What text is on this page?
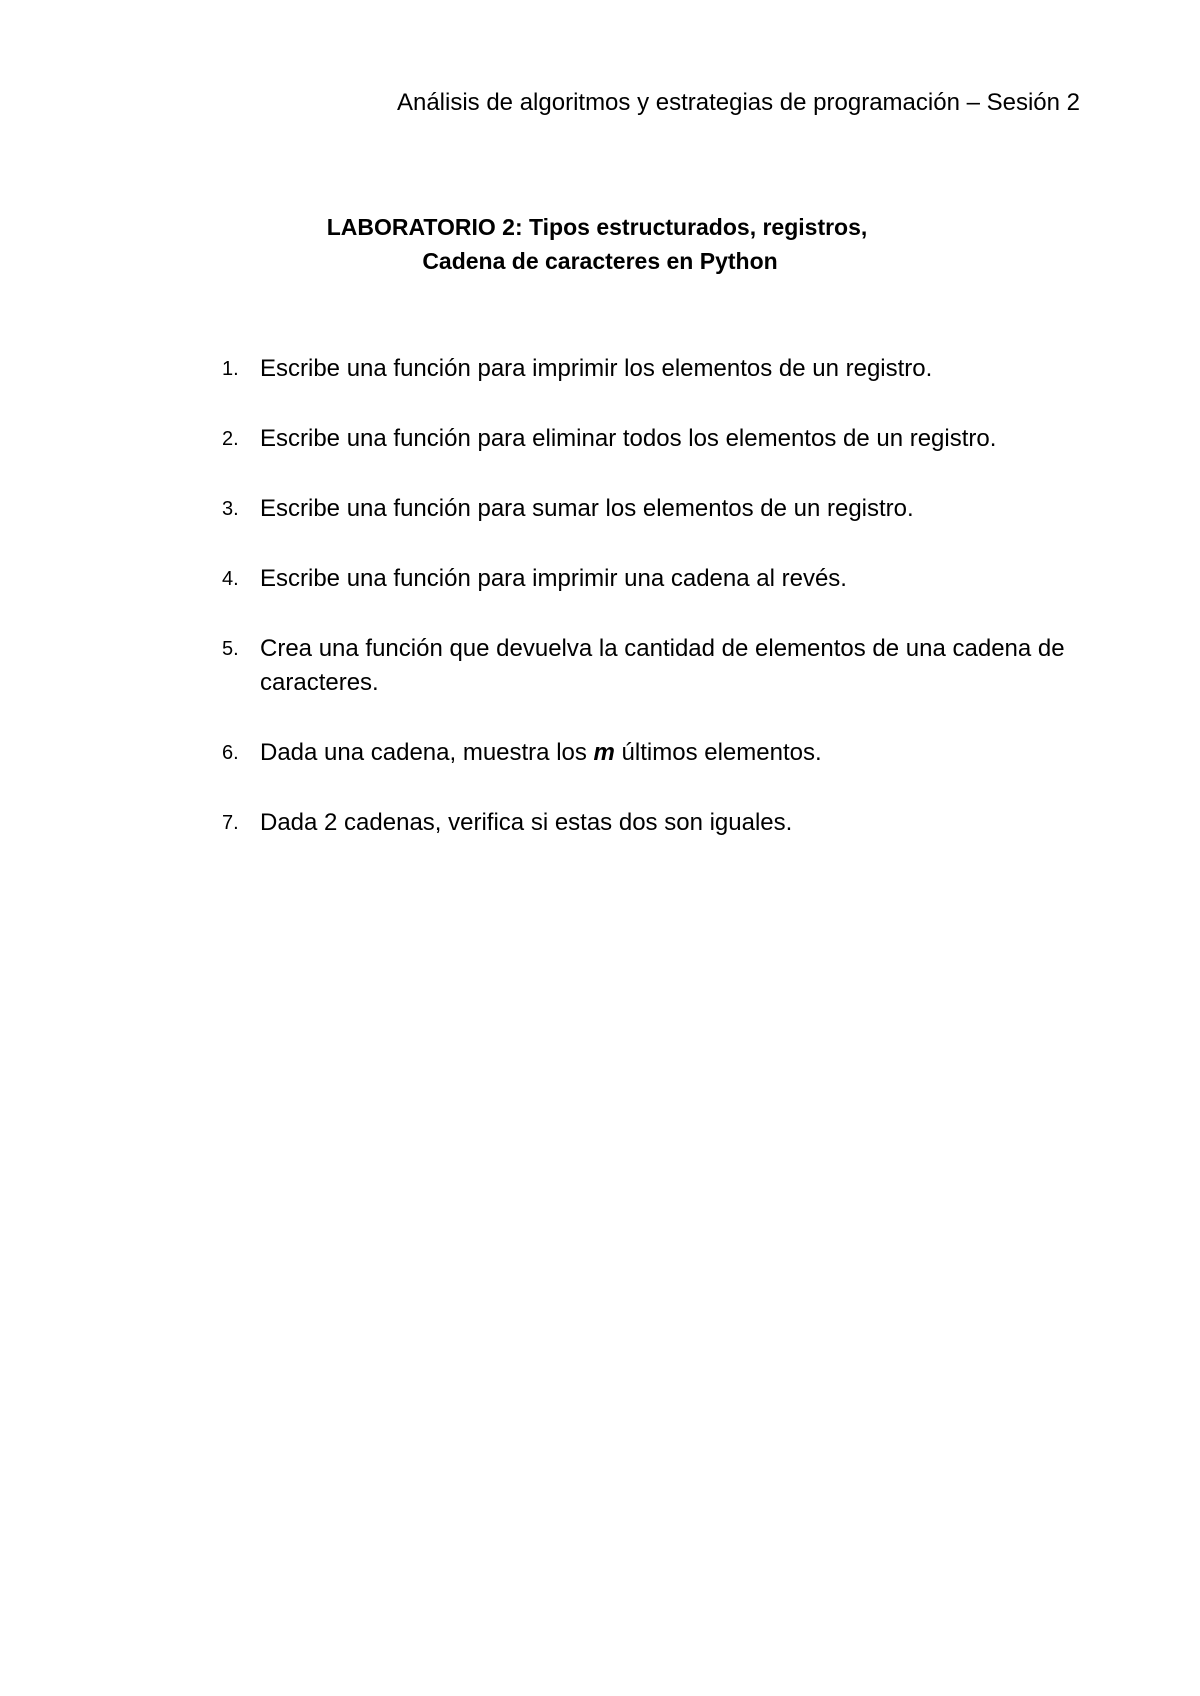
Análisis de algoritmos y estrategias de programación – Sesión 2
LABORATORIO 2: Tipos estructurados, registros,
Cadena de caracteres en Python
1. Escribe una función para imprimir los elementos de un registro.
2. Escribe una función para eliminar todos los elementos de un registro.
3. Escribe una función para sumar los elementos de un registro.
4. Escribe una función para imprimir una cadena al revés.
5. Crea una función que devuelva la cantidad de elementos de una cadena de caracteres.
6. Dada una cadena, muestra los m últimos elementos.
7. Dada 2 cadenas, verifica si estas dos son iguales.
